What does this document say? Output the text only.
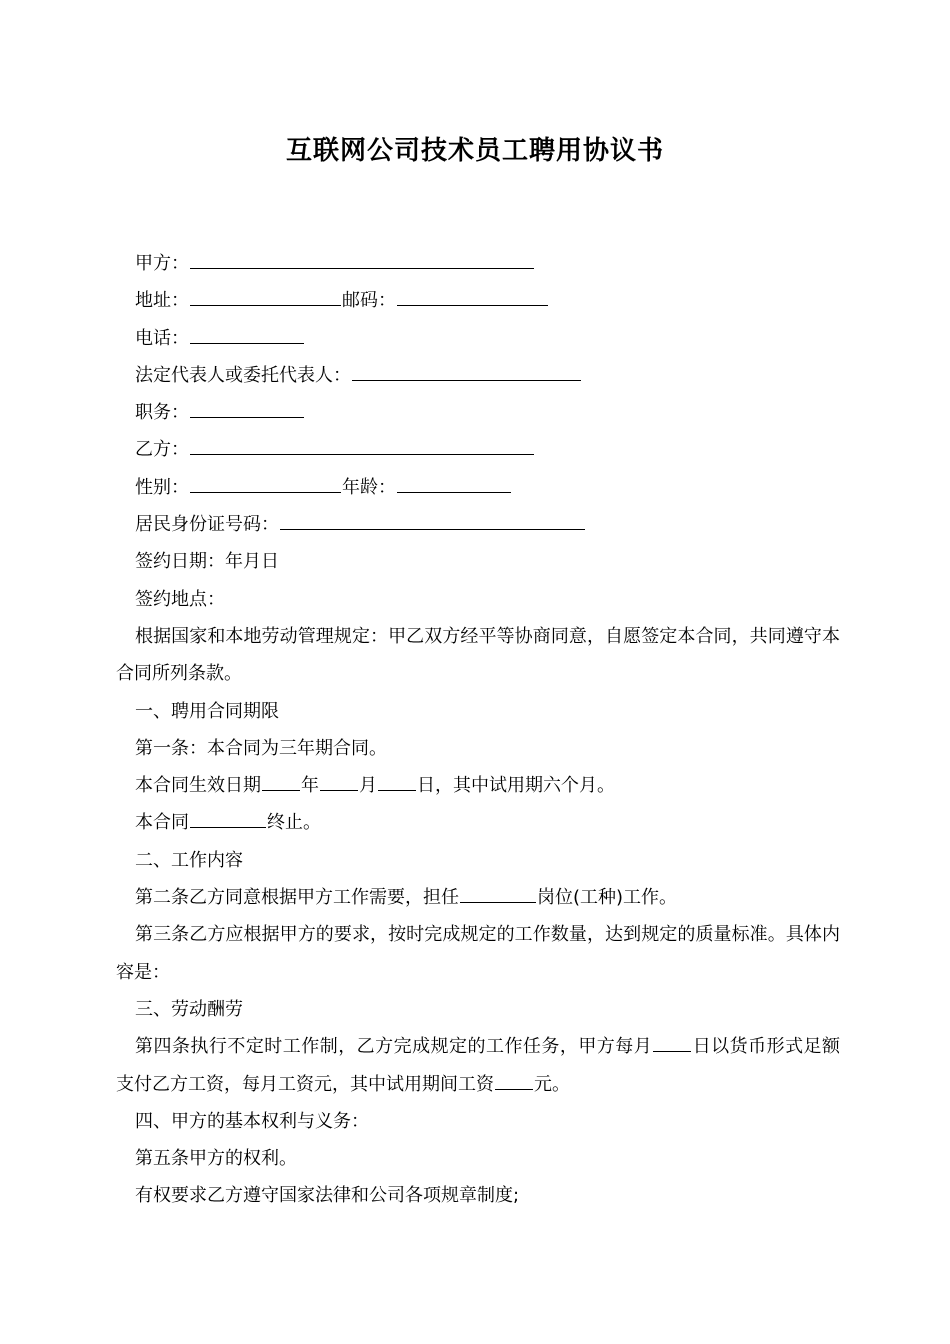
互联网公司技术员工聘用协议书
甲方：
地址：	邮码：
电话：
法定代表人或委托代表人：
职务：
乙方：
性别：	年龄：
居民身份证号码：
签约日期：年月日
签约地点：
根据国家和本地劳动管理规定：甲乙双方经平等协商同意，自愿签定本合同，共同遵守本合同所列条款。
一、聘用合同期限
第一条：本合同为三年期合同。
本合同生效日期 年 月 日，其中试用期六个月。
本合同	终止。
二、工作内容
第二条乙方同意根据甲方工作需要，担任	岗位(工种)工作。
第三条乙方应根据甲方的要求，按时完成规定的工作数量，达到规定的质量标准。具体内容是：
三、劳动酬劳
第四条执行不定时工作制，乙方完成规定的工作任务，甲方每月 日以货币形式足额支付乙方工资，每月工资元，其中试用期间工资 元。
四、甲方的基本权利与义务：
第五条甲方的权利。
有权要求乙方遵守国家法律和公司各项规章制度;
